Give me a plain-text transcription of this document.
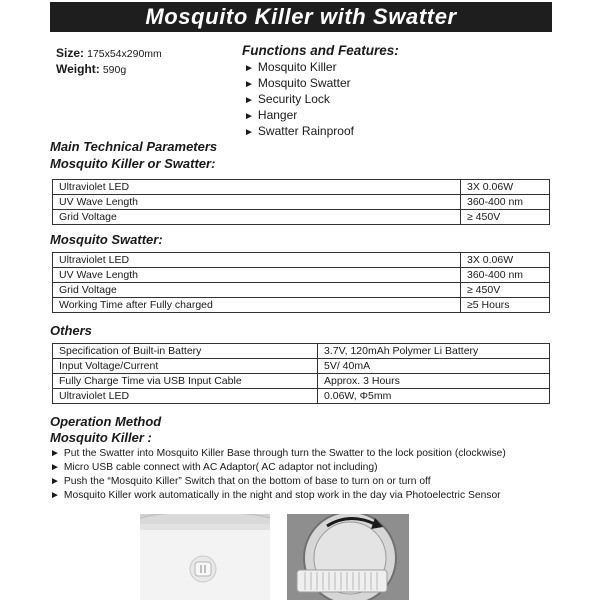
Mosquito Killer with Swatter
Size: 175x54x290mm
Weight: 590g
Functions and Features:
► Mosquito Killer
► Mosquito Swatter
► Security Lock
► Hanger
► Swatter Rainproof
Main Technical Parameters
Mosquito Killer or Swatter:
Ultraviolet LED	3X 0.06W
UV Wave Length	360-400 nm
Grid Voltage	≥ 450V
Mosquito Swatter:
Ultraviolet LED	3X 0.06W
UV Wave Length	360-400 nm
Grid Voltage	≥ 450V
Working Time after Fully charged	≥5 Hours
Others
Specification of Built-in Battery	3.7V, 120mAh Polymer Li Battery
Input Voltage/Current	5V/ 40mA
Fully Charge Time via USB Input Cable	Approx. 3 Hours
Ultraviolet LED	0.06W, Φ5mm
Operation Method
Mosquito Killer :
► Put the Swatter into Mosquito Killer Base through turn the Swatter to the lock position (clockwise)
► Micro USB cable connect with AC Adaptor( AC adaptor not including)
► Push the “Mosquito Killer” Switch that on the bottom of base to turn on or turn off
► Mosquito Killer work automatically in the night and stop work in the day via Photoelectric Sensor
